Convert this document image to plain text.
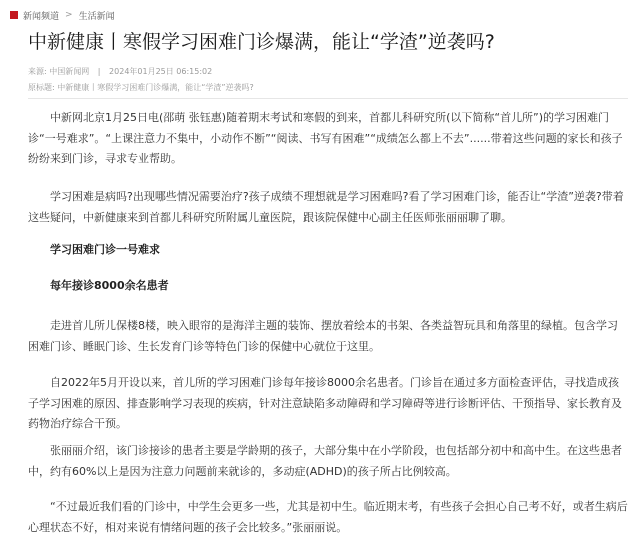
新闻频道 > 生活新闻
中新健康丨寒假学习困难门诊爆满，能让“学渣”逆袭吗?
来源: 中国新闻网 | 2024年01月25日 06:15:02
原标题: 中新健康丨寒假学习困难门诊爆满，能让“学渣”逆袭吗?

中新网北京1月25日电(邵萌 张钰惠)随着期末考试和寒假的到来，首都儿科研究所(以下简称“首儿所”)的学习困难门诊“一号难求”。“上课注意力不集中，小动作不断”“阅读、书写有困难”“成绩怎么都上不去”......带着这些问题的家长和孩子纷纷来到门诊，寻求专业帮助。

学习困难是病吗?出现哪些情况需要治疗?孩子成绩不理想就是学习困难吗?看了学习困难门诊，能否让“学渣”逆袭?带着这些疑问，中新健康来到首都儿科研究所附属儿童医院，跟该院保健中心副主任医师张丽丽聊了聊。

学习困难门诊一号难求
每年接诊8000余名患者

走进首儿所儿保楼8楼，映入眼帘的是海洋主题的装饰、摆放着绘本的书架、各类益智玩具和角落里的绿植。包含学习困难门诊、睡眠门诊、生长发育门诊等特色门诊的保健中心就位于这里。

自2022年5月开设以来，首儿所的学习困难门诊每年接诊8000余名患者。门诊旨在通过多方面检查评估，寻找造成孩子学习困难的原因、排查影响学习表现的疾病，针对注意缺陷多动障碍和学习障碍等进行诊断评估、干预指导、家长教育及药物治疗综合干预。

张丽丽介绍，该门诊接诊的患者主要是学龄期的孩子，大部分集中在小学阶段，也包括部分初中和高中生。在这些患者中，约有60%以上是因为注意力问题前来就诊的，多动症(ADHD)的孩子所占比例较高。

“不过最近我们看的门诊中，中学生会更多一些，尤其是初中生。临近期末考，有些孩子会担心自己考不好，或者生病后心理状态不好，相对来说有情绪问题的孩子会比较多。”张丽丽说。
